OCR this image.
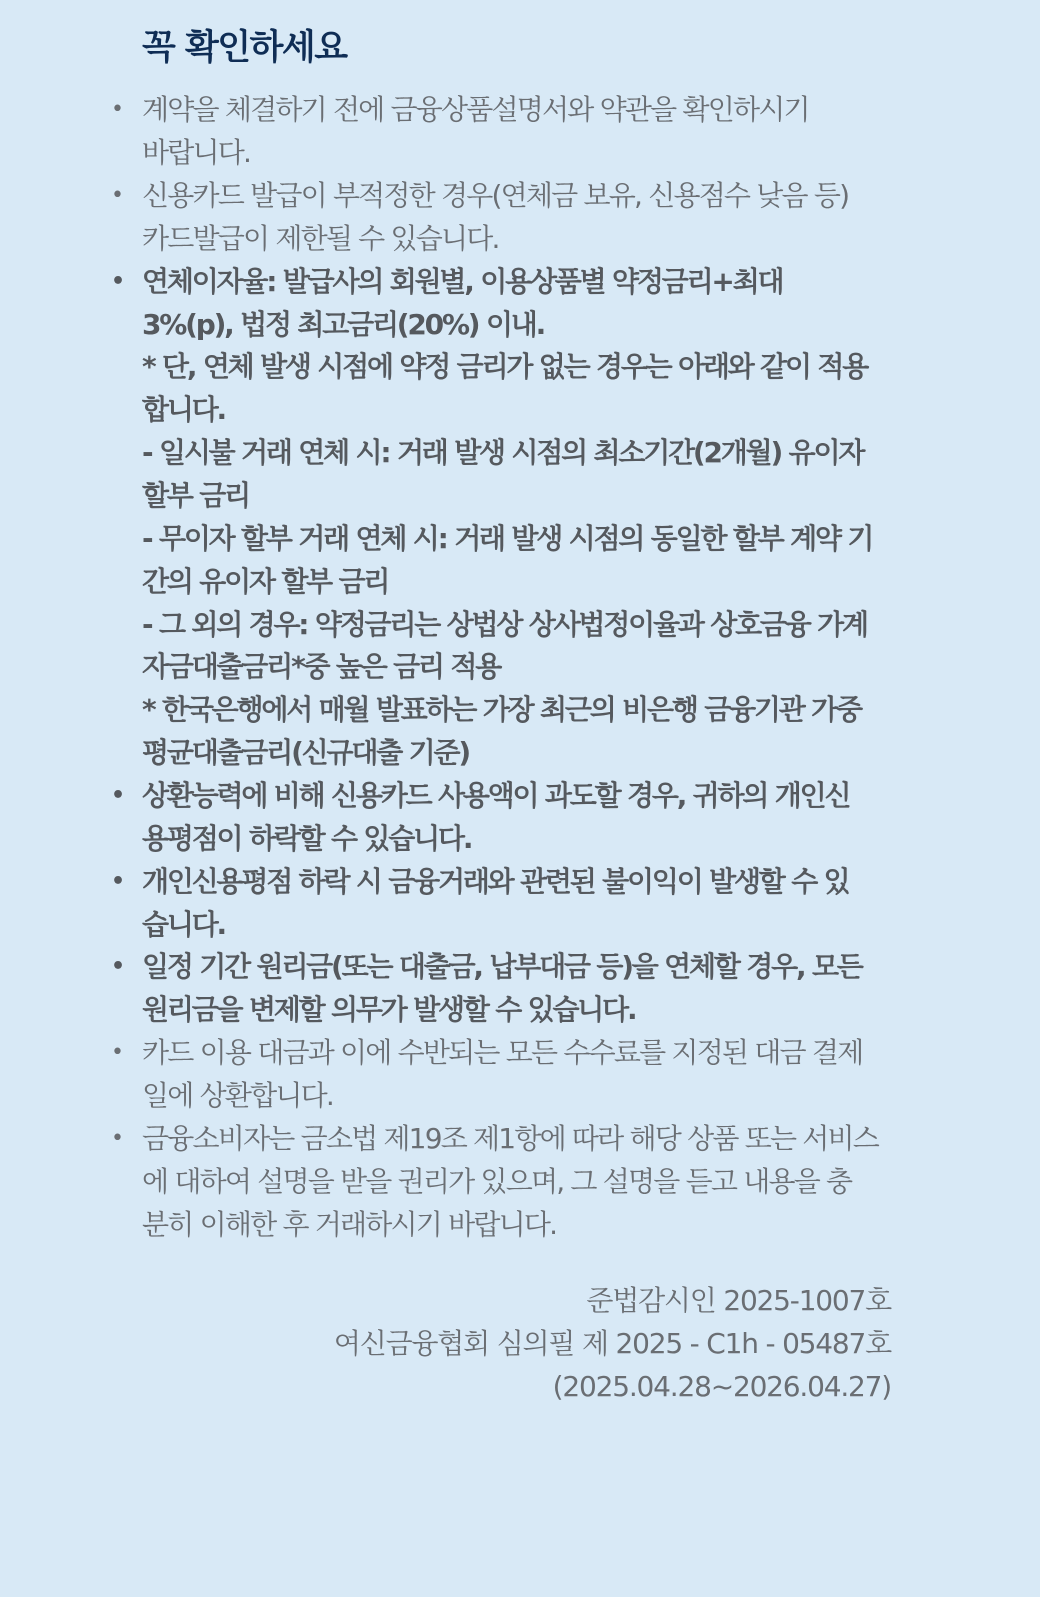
꼭 확인하세요
• 계약을 체결하기 전에 금융상품설명서와 약관을 확인하시기
바랍니다.
• 신용카드 발급이 부적정한 경우(연체금 보유, 신용점수 낮음 등)
카드발급이 제한될 수 있습니다.
• 연체이자율: 발급사의 회원별, 이용상품별 약정금리+최대
3%(p), 법정 최고금리(20%) 이내.
* 단, 연체 발생 시점에 약정 금리가 없는 경우는 아래와 같이 적용
합니다.
- 일시불 거래 연체 시: 거래 발생 시점의 최소기간(2개월) 유이자
할부 금리
- 무이자 할부 거래 연체 시: 거래 발생 시점의 동일한 할부 계약 기
간의 유이자 할부 금리
- 그 외의 경우: 약정금리는 상법상 상사법정이율과 상호금융 가계
자금대출금리*중 높은 금리 적용
* 한국은행에서 매월 발표하는 가장 최근의 비은행 금융기관 가중
평균대출금리(신규대출 기준)
• 상환능력에 비해 신용카드 사용액이 과도할 경우, 귀하의 개인신
용평점이 하락할 수 있습니다.
• 개인신용평점 하락 시 금융거래와 관련된 불이익이 발생할 수 있
습니다.
• 일정 기간 원리금(또는 대출금, 납부대금 등)을 연체할 경우, 모든
원리금을 변제할 의무가 발생할 수 있습니다.
• 카드 이용 대금과 이에 수반되는 모든 수수료를 지정된 대금 결제
일에 상환합니다.
• 금융소비자는 금소법 제19조 제1항에 따라 해당 상품 또는 서비스
에 대하여 설명을 받을 권리가 있으며, 그 설명을 듣고 내용을 충
분히 이해한 후 거래하시기 바랍니다.
준법감시인 2025-1007호
여신금융협회 심의필 제 2025 - C1h - 05487호
(2025.04.28~2026.04.27)
